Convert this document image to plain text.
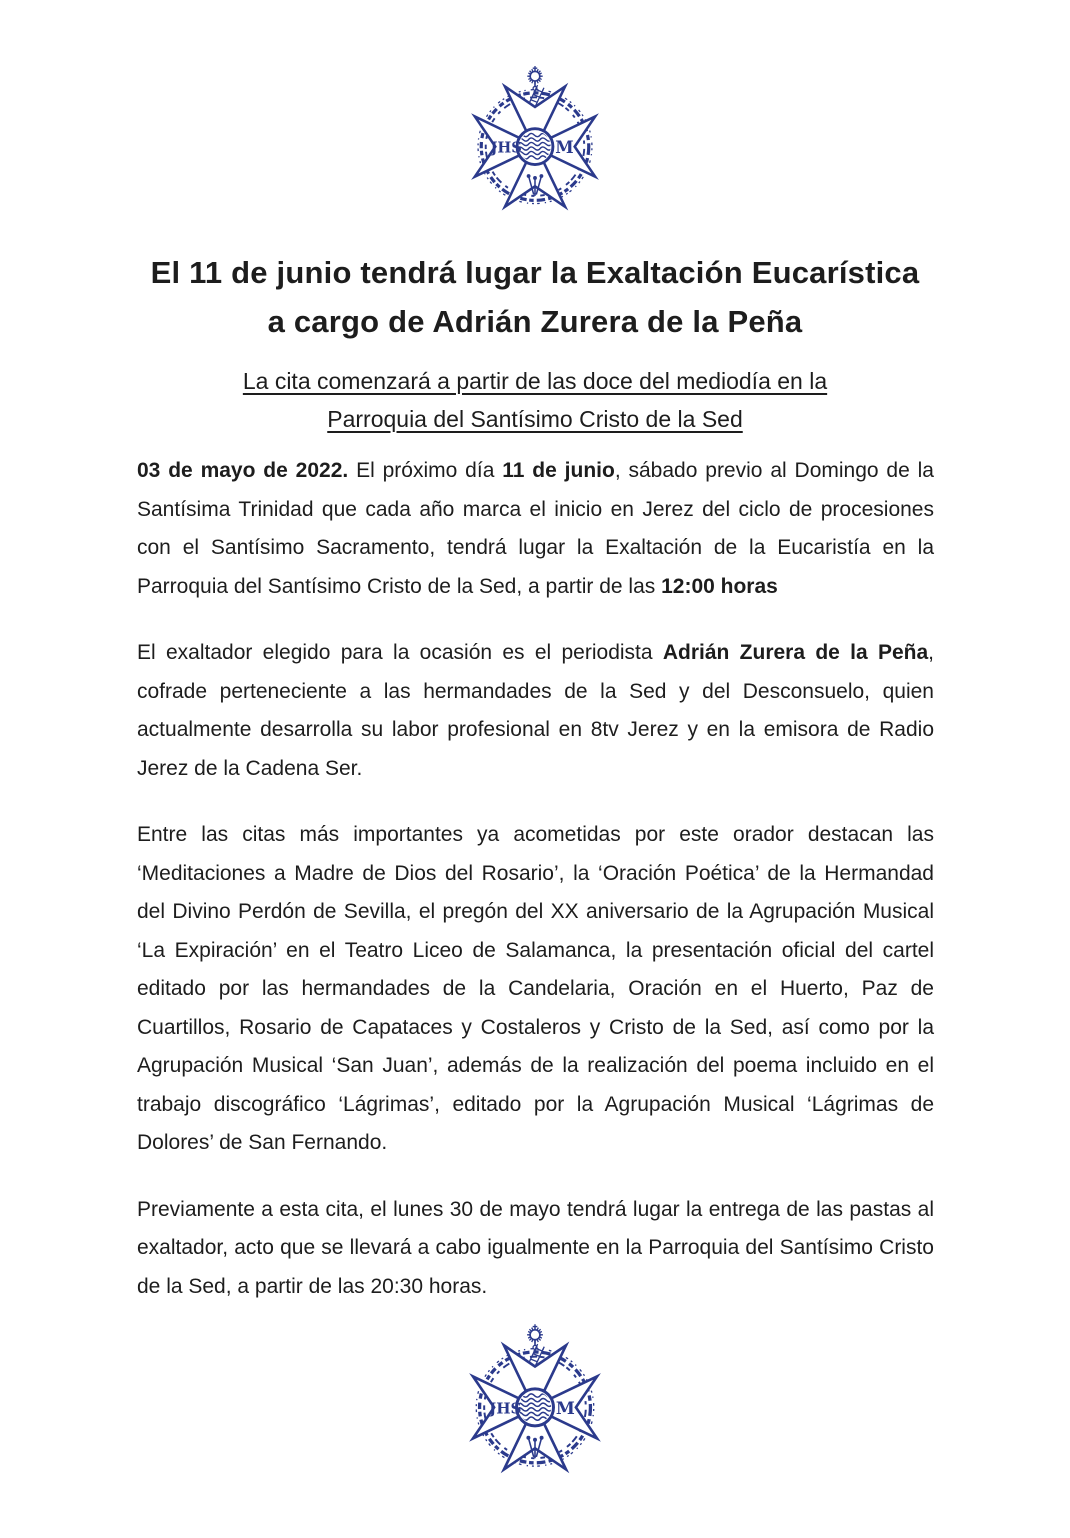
JHS M
El 11 de junio tendrá lugar la Exaltación Eucarística
a cargo de Adrián Zurera de la Peña
La cita comenzará a partir de las doce del mediodía en la
Parroquia del Santísimo Cristo de la Sed

03 de mayo de 2022. El próximo día 11 de junio, sábado previo al Domingo de la Santísima Trinidad que cada año marca el inicio en Jerez del ciclo de procesiones con el Santísimo Sacramento, tendrá lugar la Exaltación de la Eucaristía en la Parroquia del Santísimo Cristo de la Sed, a partir de las 12:00 horas

El exaltador elegido para la ocasión es el periodista Adrián Zurera de la Peña, cofrade perteneciente a las hermandades de la Sed y del Desconsuelo, quien actualmente desarrolla su labor profesional en 8tv Jerez y en la emisora de Radio Jerez de la Cadena Ser.

Entre las citas más importantes ya acometidas por este orador destacan las ‘Meditaciones a Madre de Dios del Rosario’, la ‘Oración Poética’ de la Hermandad del Divino Perdón de Sevilla, el pregón del XX aniversario de la Agrupación Musical ‘La Expiración’ en el Teatro Liceo de Salamanca, la presentación oficial del cartel editado por las hermandades de la Candelaria, Oración en el Huerto, Paz de Cuartillos, Rosario de Capataces y Costaleros y Cristo de la Sed, así como por la Agrupación Musical ‘San Juan’, además de la realización del poema incluido en el trabajo discográfico ‘Lágrimas’, editado por la Agrupación Musical ‘Lágrimas de Dolores’ de San Fernando.

Previamente a esta cita, el lunes 30 de mayo tendrá lugar la entrega de las pastas al exaltador, acto que se llevará a cabo igualmente en la Parroquia del Santísimo Cristo de la Sed, a partir de las 20:30 horas.
